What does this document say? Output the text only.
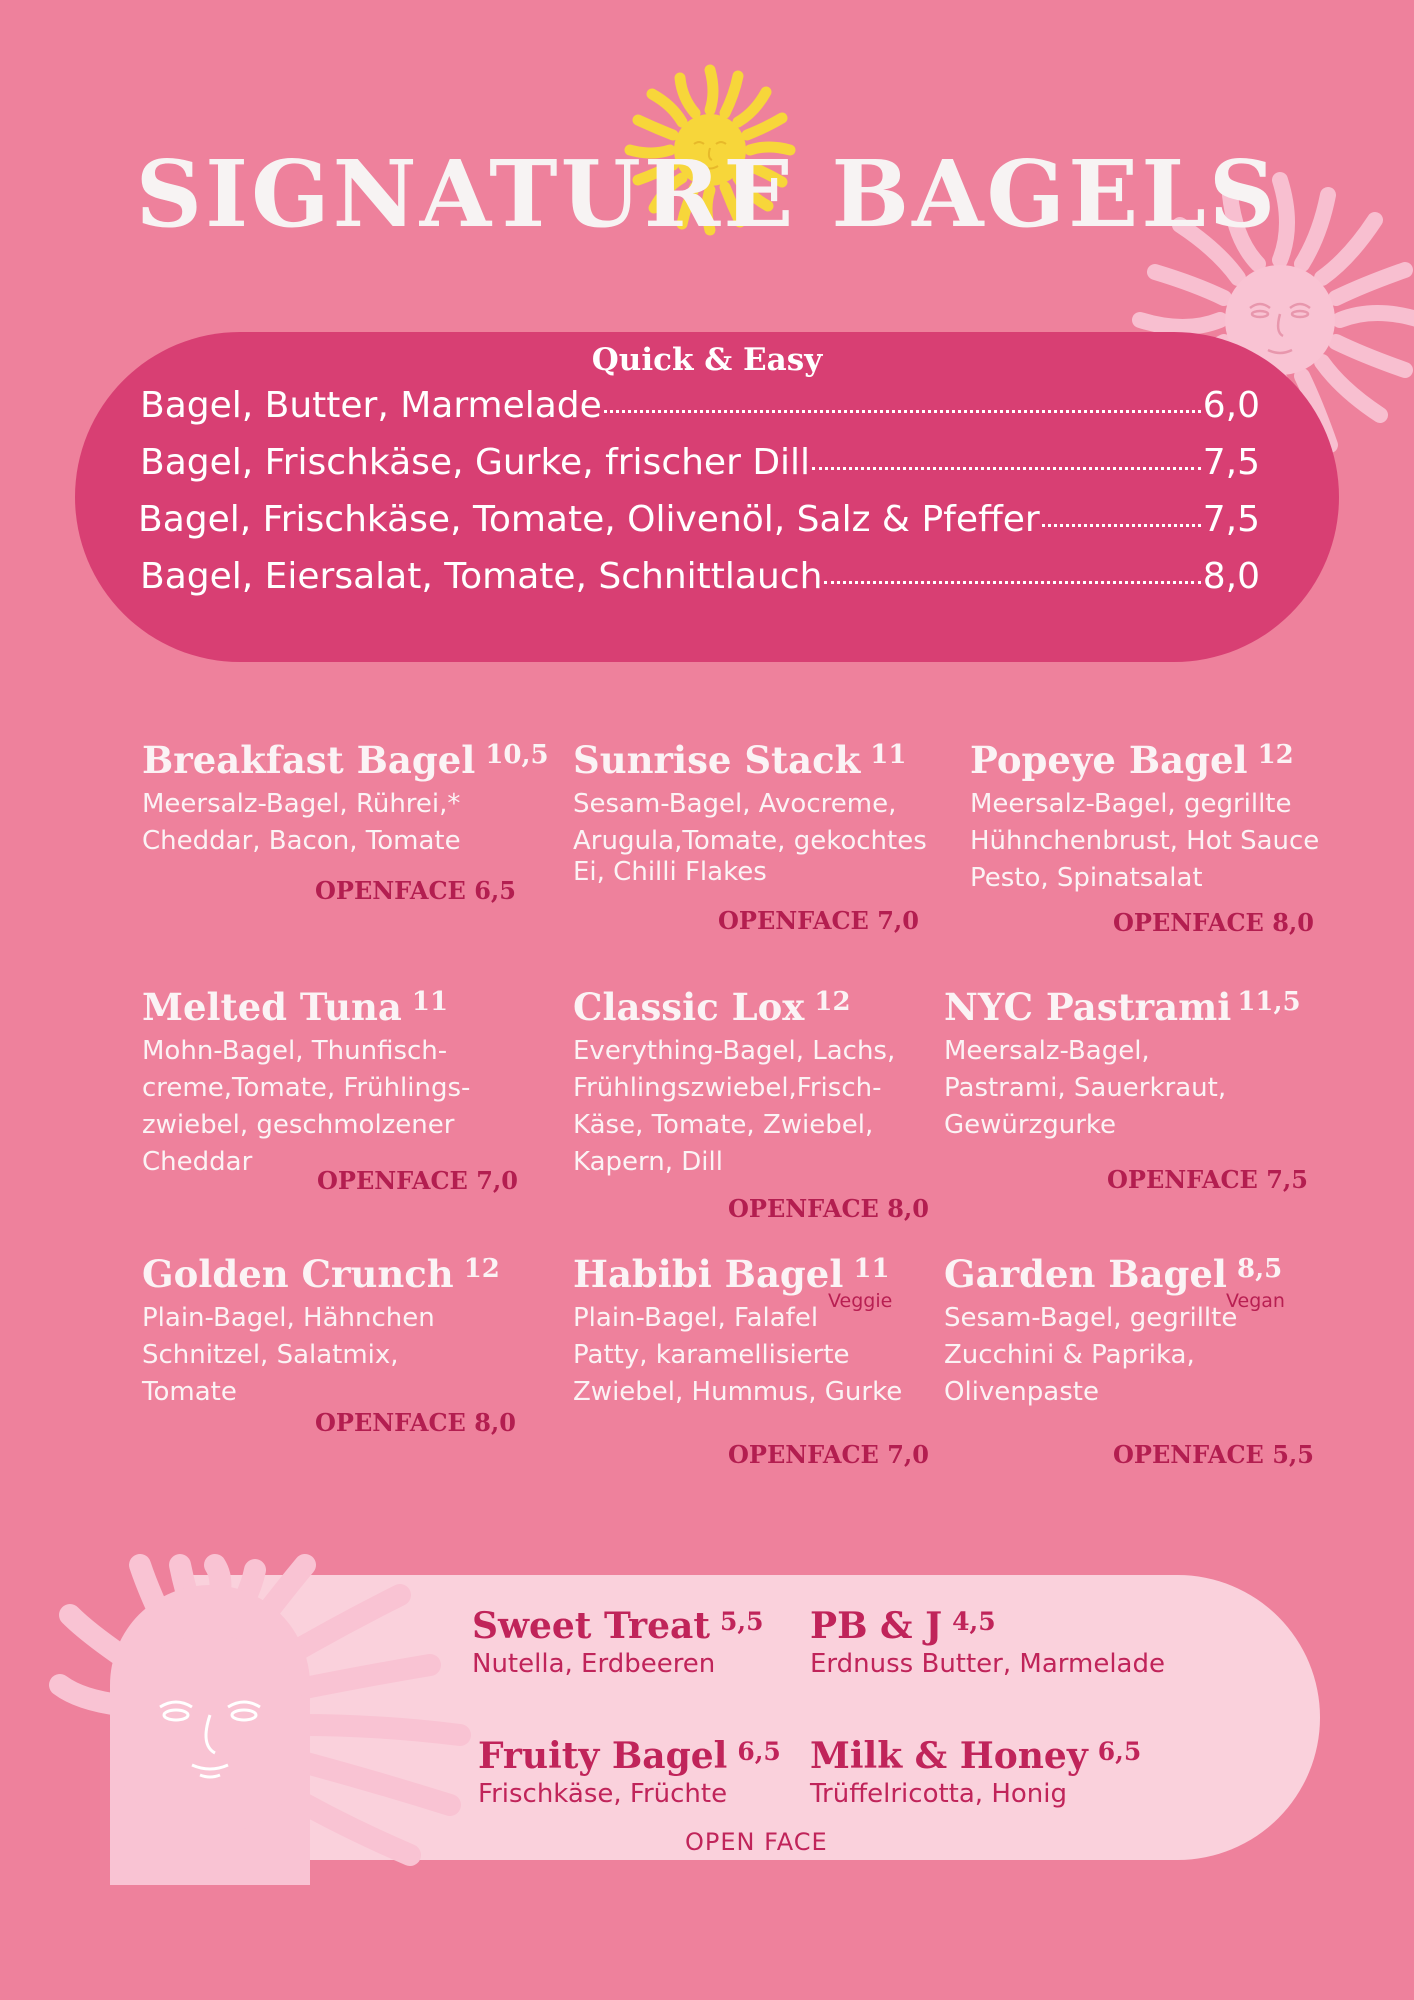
SIGNATURE BAGELS
Quick & Easy
Bagel, Butter, Marmelade	6,0
Bagel, Frischkäse, Gurke, frischer Dill	7,5
Bagel, Frischkäse, Tomate, Olivenöl, Salz & Pfeffer	7,5
Bagel, Eiersalat, Tomate, Schnittlauch	8,0
Breakfast Bagel 10,5
Meersalz-Bagel, Rührei,*
Cheddar, Bacon, Tomate
OPENFACE 6,5
Sunrise Stack 11
Sesam-Bagel, Avocreme,
Arugula,Tomate, gekochtes
Ei, Chilli Flakes
OPENFACE 7,0
Popeye Bagel 12
Meersalz-Bagel, gegrillte
Hühnchenbrust, Hot Sauce
Pesto, Spinatsalat
OPENFACE 8,0
Melted Tuna 11
Mohn-Bagel, Thunfisch-
creme,Tomate, Frühlings-
zwiebel, geschmolzener
Cheddar
OPENFACE 7,0
Classic Lox 12
Everything-Bagel, Lachs,
Frühlingszwiebel,Frisch-
Käse, Tomate, Zwiebel,
Kapern, Dill
OPENFACE 8,0
NYC Pastrami 11,5
Meersalz-Bagel,
Pastrami, Sauerkraut,
Gewürzgurke
OPENFACE 7,5
Golden Crunch 12
Plain-Bagel, Hähnchen
Schnitzel, Salatmix,
Tomate
OPENFACE 8,0
Habibi Bagel 11
Veggie
Plain-Bagel, Falafel
Patty, karamellisierte
Zwiebel, Hummus, Gurke
OPENFACE 7,0
Garden Bagel 8,5
Vegan
Sesam-Bagel, gegrillte
Zucchini & Paprika,
Olivenpaste
OPENFACE 5,5
Sweet Treat 5,5
Nutella, Erdbeeren
PB & J 4,5
Erdnuss Butter, Marmelade
Fruity Bagel 6,5
Frischkäse, Früchte
Milk & Honey 6,5
Trüffelricotta, Honig
OPEN FACE
